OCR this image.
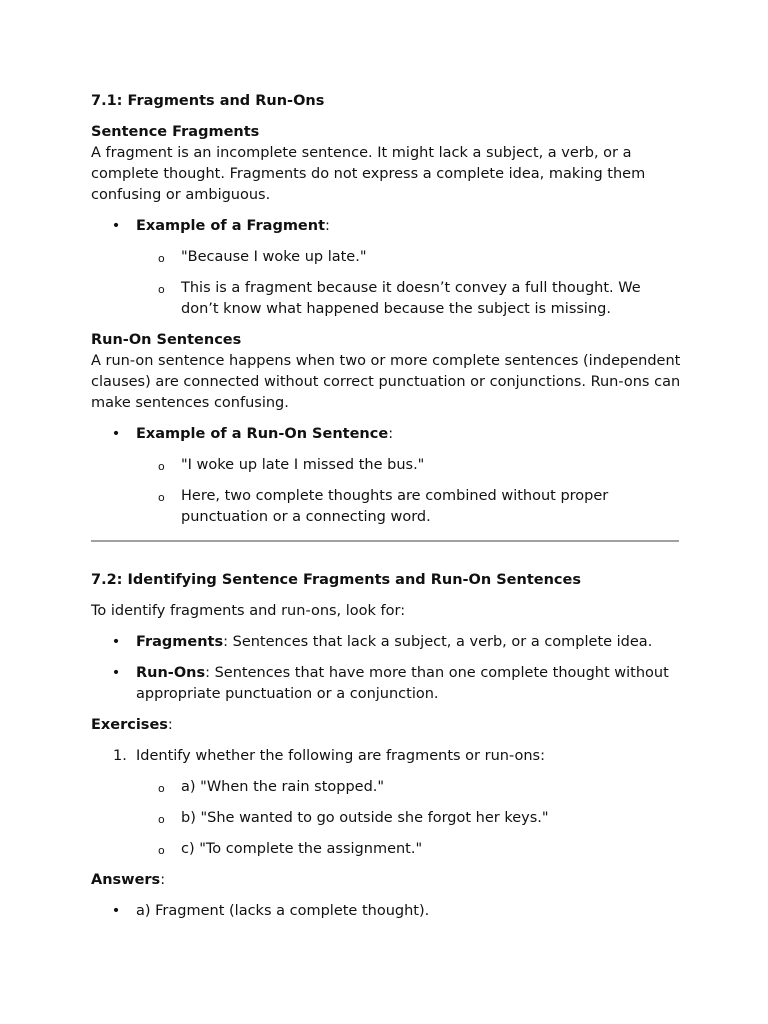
7.1: Fragments and Run-Ons
Sentence Fragments

A fragment is an incomplete sentence. It might lack a subject, a verb, or a complete thought. Fragments do not express a complete idea, making them confusing or ambiguous.

• Example of a Fragment:
o "Because I woke up late."
o This is a fragment because it doesn’t convey a full thought. We don’t know what happened because the subject is missing.
Run-On Sentences

A run-on sentence happens when two or more complete sentences (independent clauses) are connected without correct punctuation or conjunctions. Run-ons can make sentences confusing.

• Example of a Run-On Sentence:
o "I woke up late I missed the bus."
o Here, two complete thoughts are combined without proper punctuation or a connecting word.
7.2: Identifying Sentence Fragments and Run-On Sentences

To identify fragments and run-ons, look for:

• Fragments: Sentences that lack a subject, a verb, or a complete idea.
• Run-Ons: Sentences that have more than one complete thought without appropriate punctuation or a conjunction.

Exercises:

1. Identify whether the following are fragments or run-ons:
o a) "When the rain stopped."
o b) "She wanted to go outside she forgot her keys."
o c) "To complete the assignment."

Answers:

• a) Fragment (lacks a complete thought).
